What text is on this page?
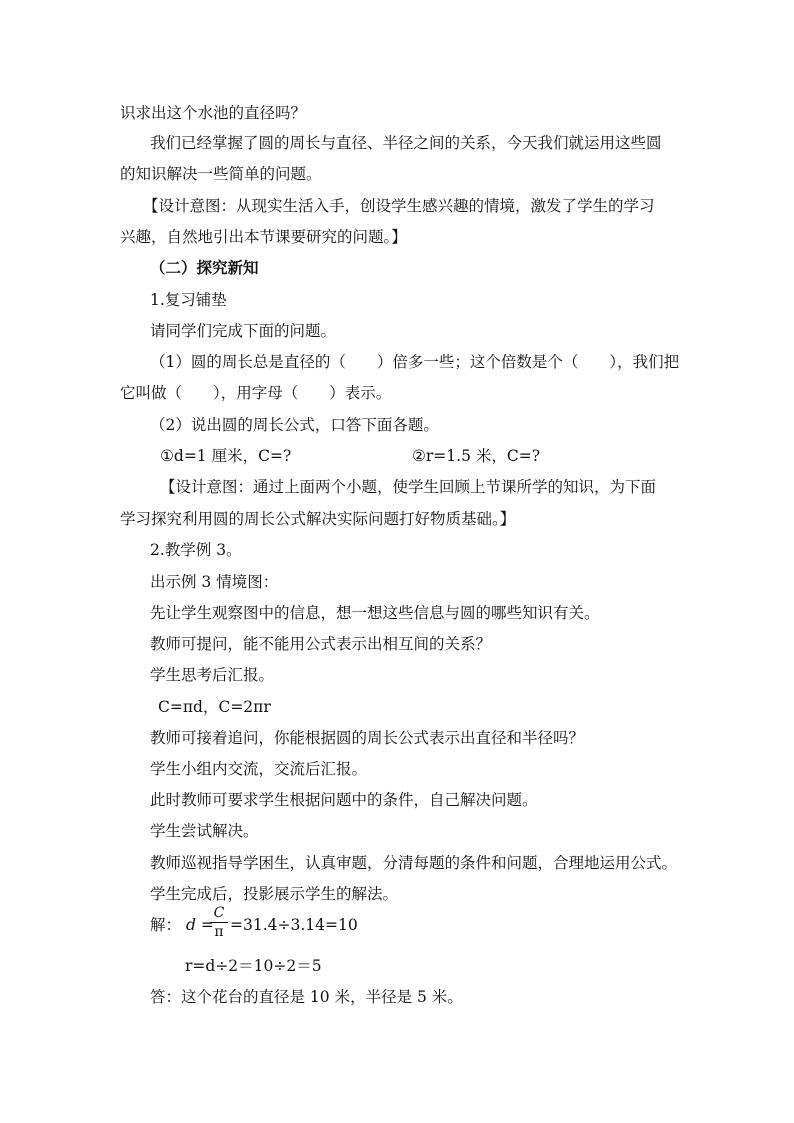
识求出这个水池的直径吗？
我们已经掌握了圆的周长与直径、半径之间的关系，今天我们就运用这些圆
的知识解决一些简单的问题。
【设计意图：从现实生活入手，创设学生感兴趣的情境，激发了学生的学习
兴趣，自然地引出本节课要研究的问题。】
（二）探究新知
1.复习铺垫
请同学们完成下面的问题。
（1）圆的周长总是直径的（　　）倍多一些；这个倍数是个（　　），我们把
它叫做（　　），用字母（　　）表示。
（2）说出圆的周长公式，口答下面各题。
①d=1 厘米，C=?	②r=1.5 米，C=?
【设计意图：通过上面两个小题，使学生回顾上节课所学的知识，为下面
学习探究利用圆的周长公式解决实际问题打好物质基础。】
2.教学例 3。
出示例 3 情境图：
先让学生观察图中的信息，想一想这些信息与圆的哪些知识有关。
教师可提问，能不能用公式表示出相互间的关系？
学生思考后汇报。
C=πd，C=2πr
教师可接着追问，你能根据圆的周长公式表示出直径和半径吗？
学生小组内交流，交流后汇报。
此时教师可要求学生根据问题中的条件，自己解决问题。
学生尝试解决。
教师巡视指导学困生，认真审题，分清每题的条件和问题，合理地运用公式。
学生完成后，投影展示学生的解法。
解： d =
C
π =31.4÷3.14=10
r=d÷2＝10÷2＝5
答：这个花台的直径是 10 米，半径是 5 米。
